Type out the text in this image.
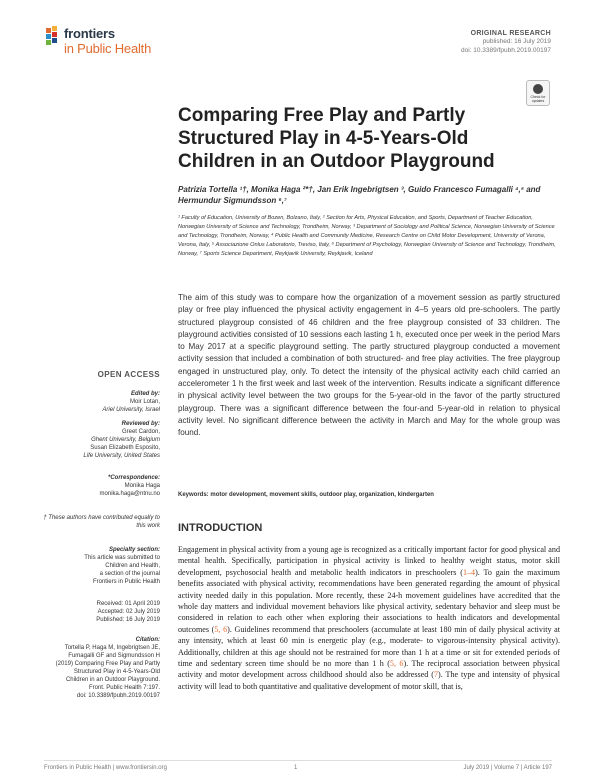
frontiers
in Public Health
ORIGINAL RESEARCH
published: 16 July 2019
doi: 10.3389/fpubh.2019.00197
Check for updates
Comparing Free Play and Partly Structured Play in 4-5-Years-Old Children in an Outdoor Playground
Patrizia Tortella ¹†, Monika Haga ²*†, Jan Erik Ingebrigtsen ³, Guido Francesco Fumagalli ⁴,⁵ and Hermundur Sigmundsson ⁶,⁷
¹ Faculty of Education, University of Bozen, Bolzano, Italy, ² Section for Arts, Physical Education, and Sports, Department of Teacher Education, Norwegian University of Science and Technology, Trondheim, Norway, ³ Department of Sociology and Political Science, Norwegian University of Science and Technology, Trondheim, Norway, ⁴ Public Health and Community Medicine, Research Centre on Child Motor Development, University of Verona, Verona, Italy, ⁵ Associazione Onlus Laboratorio, Treviso, Italy, ⁶ Department of Psychology, Norwegian University of Science and Technology, Trondheim, Norway, ⁷ Sports Science Department, Reykjavik University, Reykjavik, Iceland
The aim of this study was to compare how the organization of a movement session as partly structured play or free play influenced the physical activity engagement in 4–5 years old pre-schoolers. The partly structured playgroup consisted of 46 children and the free playgroup consisted of 33 children. The playground activities consisted of 10 sessions each lasting 1 h, executed once per week in the period Mars to May 2017 at a specific playground setting. The partly structured playgroup conducted a movement activity session that included a combination of both structured- and free play activities. The free playgroup engaged in unstructured play, only. To detect the intensity of the physical activity each child carried an accelerometer 1 h the first week and last week of the intervention. Results indicate a significant difference in physical activity level between the two groups for the 5-year-old in the favor of the partly structured playgroup. There was a significant difference between the four-and 5-year-old in relation to physical activity level. No significant difference between the activity in March and May for the whole group was found.
Keywords: motor development, movement skills, outdoor play, organization, kindergarten
OPEN ACCESS
Edited by:
Moir Lotan,
Ariel University, Israel
Reviewed by:
Greet Cardon,
Ghent University, Belgium
Susan Elizabeth Esposito,
Life University, United States
*Correspondence:
Monika Haga
monika.haga@ntnu.no
† These authors have contributed equally to this work
Specialty section:
This article was submitted to
Children and Health,
a section of the journal
Frontiers in Public Health
Received: 01 April 2019
Accepted: 02 July 2019
Published: 16 July 2019
Citation:
Tortella P, Haga M, Ingebrigtsen JE,
Fumagalli GF and Sigmundsson H
(2019) Comparing Free Play and Partly
Structured Play in 4-5-Years-Old
Children in an Outdoor Playground.
Front. Public Health 7:197.
doi: 10.3389/fpubh.2019.00197
INTRODUCTION
Engagement in physical activity from a young age is recognized as a critically important factor for good physical and mental health. Specifically, participation in physical activity is linked to healthy weight status, motor skill development, psychosocial health and metabolic health indicators in preschoolers (1–4). To gain the maximum benefits associated with physical activity, recommendations have been generated regarding the amount of physical activity needed daily in this population. More recently, these 24-h movement guidelines have accredited that the whole day matters and individual movement behaviors like physical activity, sedentary behavior and sleep must be considered in relation to each other when exploring their associations to health indicators and developmental outcomes (5, 6). Guidelines recommend that preschoolers (accumulate at least 180 min of daily physical activity at any intensity, which at least 60 min is energetic play (e.g., moderate- to vigorous-intensity physical activity). Additionally, children at this age should not be restrained for more than 1 h at a time or sit for extended periods of time and sedentary screen time should be no more than 1 h (5, 6). The reciprocal association between physical activity and motor development across childhood should also be addressed (7). The type and intensity of physical activity will lead to both quantitative and qualitative development of motor skill, that is,
Frontiers in Public Health | www.frontiersin.org	1	July 2019 | Volume 7 | Article 197
